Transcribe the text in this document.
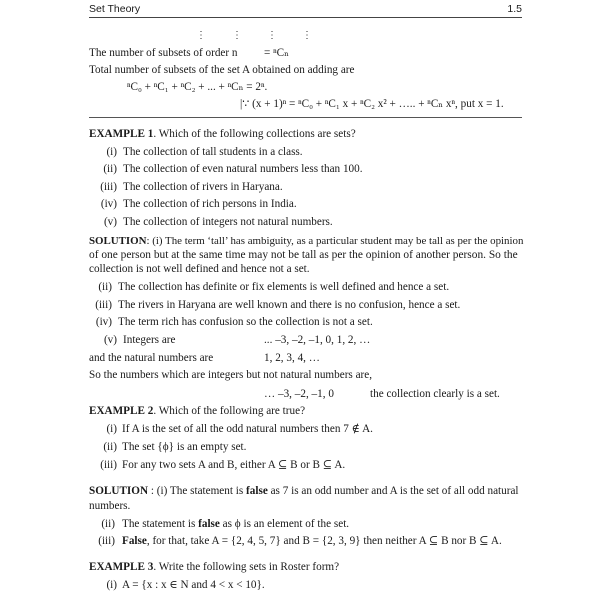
Set Theory	1.5
⋮	⋮	⋮	⋮
The number of subsets of order n = ⁿCₙ
Total number of subsets of the set A obtained on adding are
ⁿC₀ + ⁿC₁ + ⁿC₂ + ... + ⁿCₙ = 2ⁿ.
|∵ (x + 1)ⁿ = ⁿC₀ + ⁿC₁ x + ⁿC₂ x² + ….. + ⁿCₙ xⁿ, put x = 1.
EXAMPLE 1. Which of the following collections are sets?
(i) The collection of tall students in a class.
(ii) The collection of even natural numbers less than 100.
(iii) The collection of rivers in Haryana.
(iv) The collection of rich persons in India.
(v) The collection of integers not natural numbers.
SOLUTION: (i) The term ‘tall’ has ambiguity, as a particular student may be tall as per the opinion
of one person but at the same time may not be tall as per the opinion of another person. So the
collection is not well defined and hence not a set.
(ii) The collection has definite or fix elements is well defined and hence a set.
(iii) The rivers in Haryana are well known and there is no confusion, hence a set.
(iv) The term rich has confusion so the collection is not a set.
(v) Integers are	... –3, –2, –1, 0, 1, 2, …
and the natural numbers are	1, 2, 3, 4, …
So the numbers which are integers but not natural numbers are,
… –3, –2, –1, 0	the collection clearly is a set.
EXAMPLE 2. Which of the following are true?
(i) If A is the set of all the odd natural numbers then 7 ∉ A.
(ii) The set {ϕ} is an empty set.
(iii) For any two sets A and B, either A ⊆ B or B ⊆ A.
SOLUTION : (i) The statement is false as 7 is an odd number and A is the set of all odd natural
numbers.
(ii) The statement is false as ϕ is an element of the set.
(iii) False, for that, take A = {2, 4, 5, 7} and B = {2, 3, 9} then neither A ⊆ B nor B ⊆ A.
EXAMPLE 3. Write the following sets in Roster form?
(i) A = {x : x ∈ N and 4 < x < 10}.
